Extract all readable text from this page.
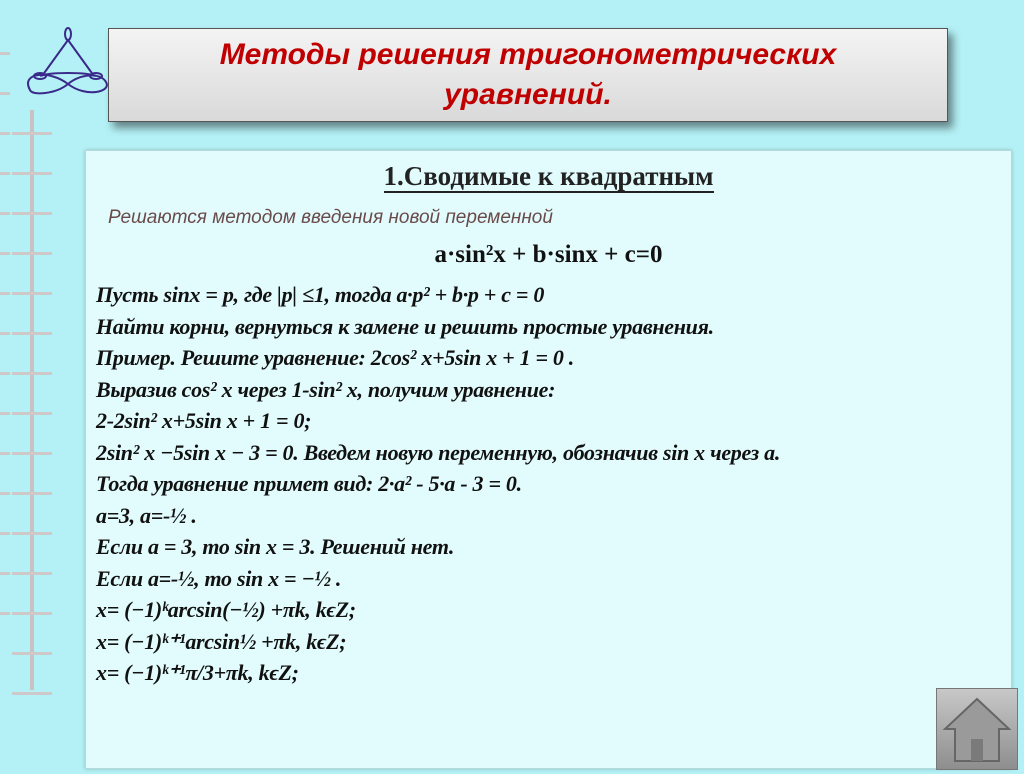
Методы решения тригонометрических уравнений.
1.Сводимые к квадратным
Решаются методом введения новой переменной
a·sin²x + b·sinx + c=0
Пусть sinx = p, где |p| ≤1, тогда a·p² + b·p + c = 0
Найти корни, вернуться к замене и решить простые уравнения.
Пример. Решите уравнение: 2cos² x+5sin x + 1 = 0 .
Выразив cos² x через 1-sin² x, получим уравнение:
2-2sin² x+5sin x + 1 = 0;
2sin² x −5sin x − 3 = 0. Введем новую переменную, обозначив sin x через а.
Тогда уравнение примет вид: 2·a² - 5·a - 3 = 0.
a=3, a=-½ .
Если a = 3, то sin x = 3. Решений нет.
Если a=-½, то sin x = −½ .
x= (−1)ᵏarcsin(−½) +πk, kϵZ;
x= (−1)ᵏ⁺¹arcsin½ +πk, kϵZ;
x= (−1)ᵏ⁺¹π/3+πk, kϵZ;
